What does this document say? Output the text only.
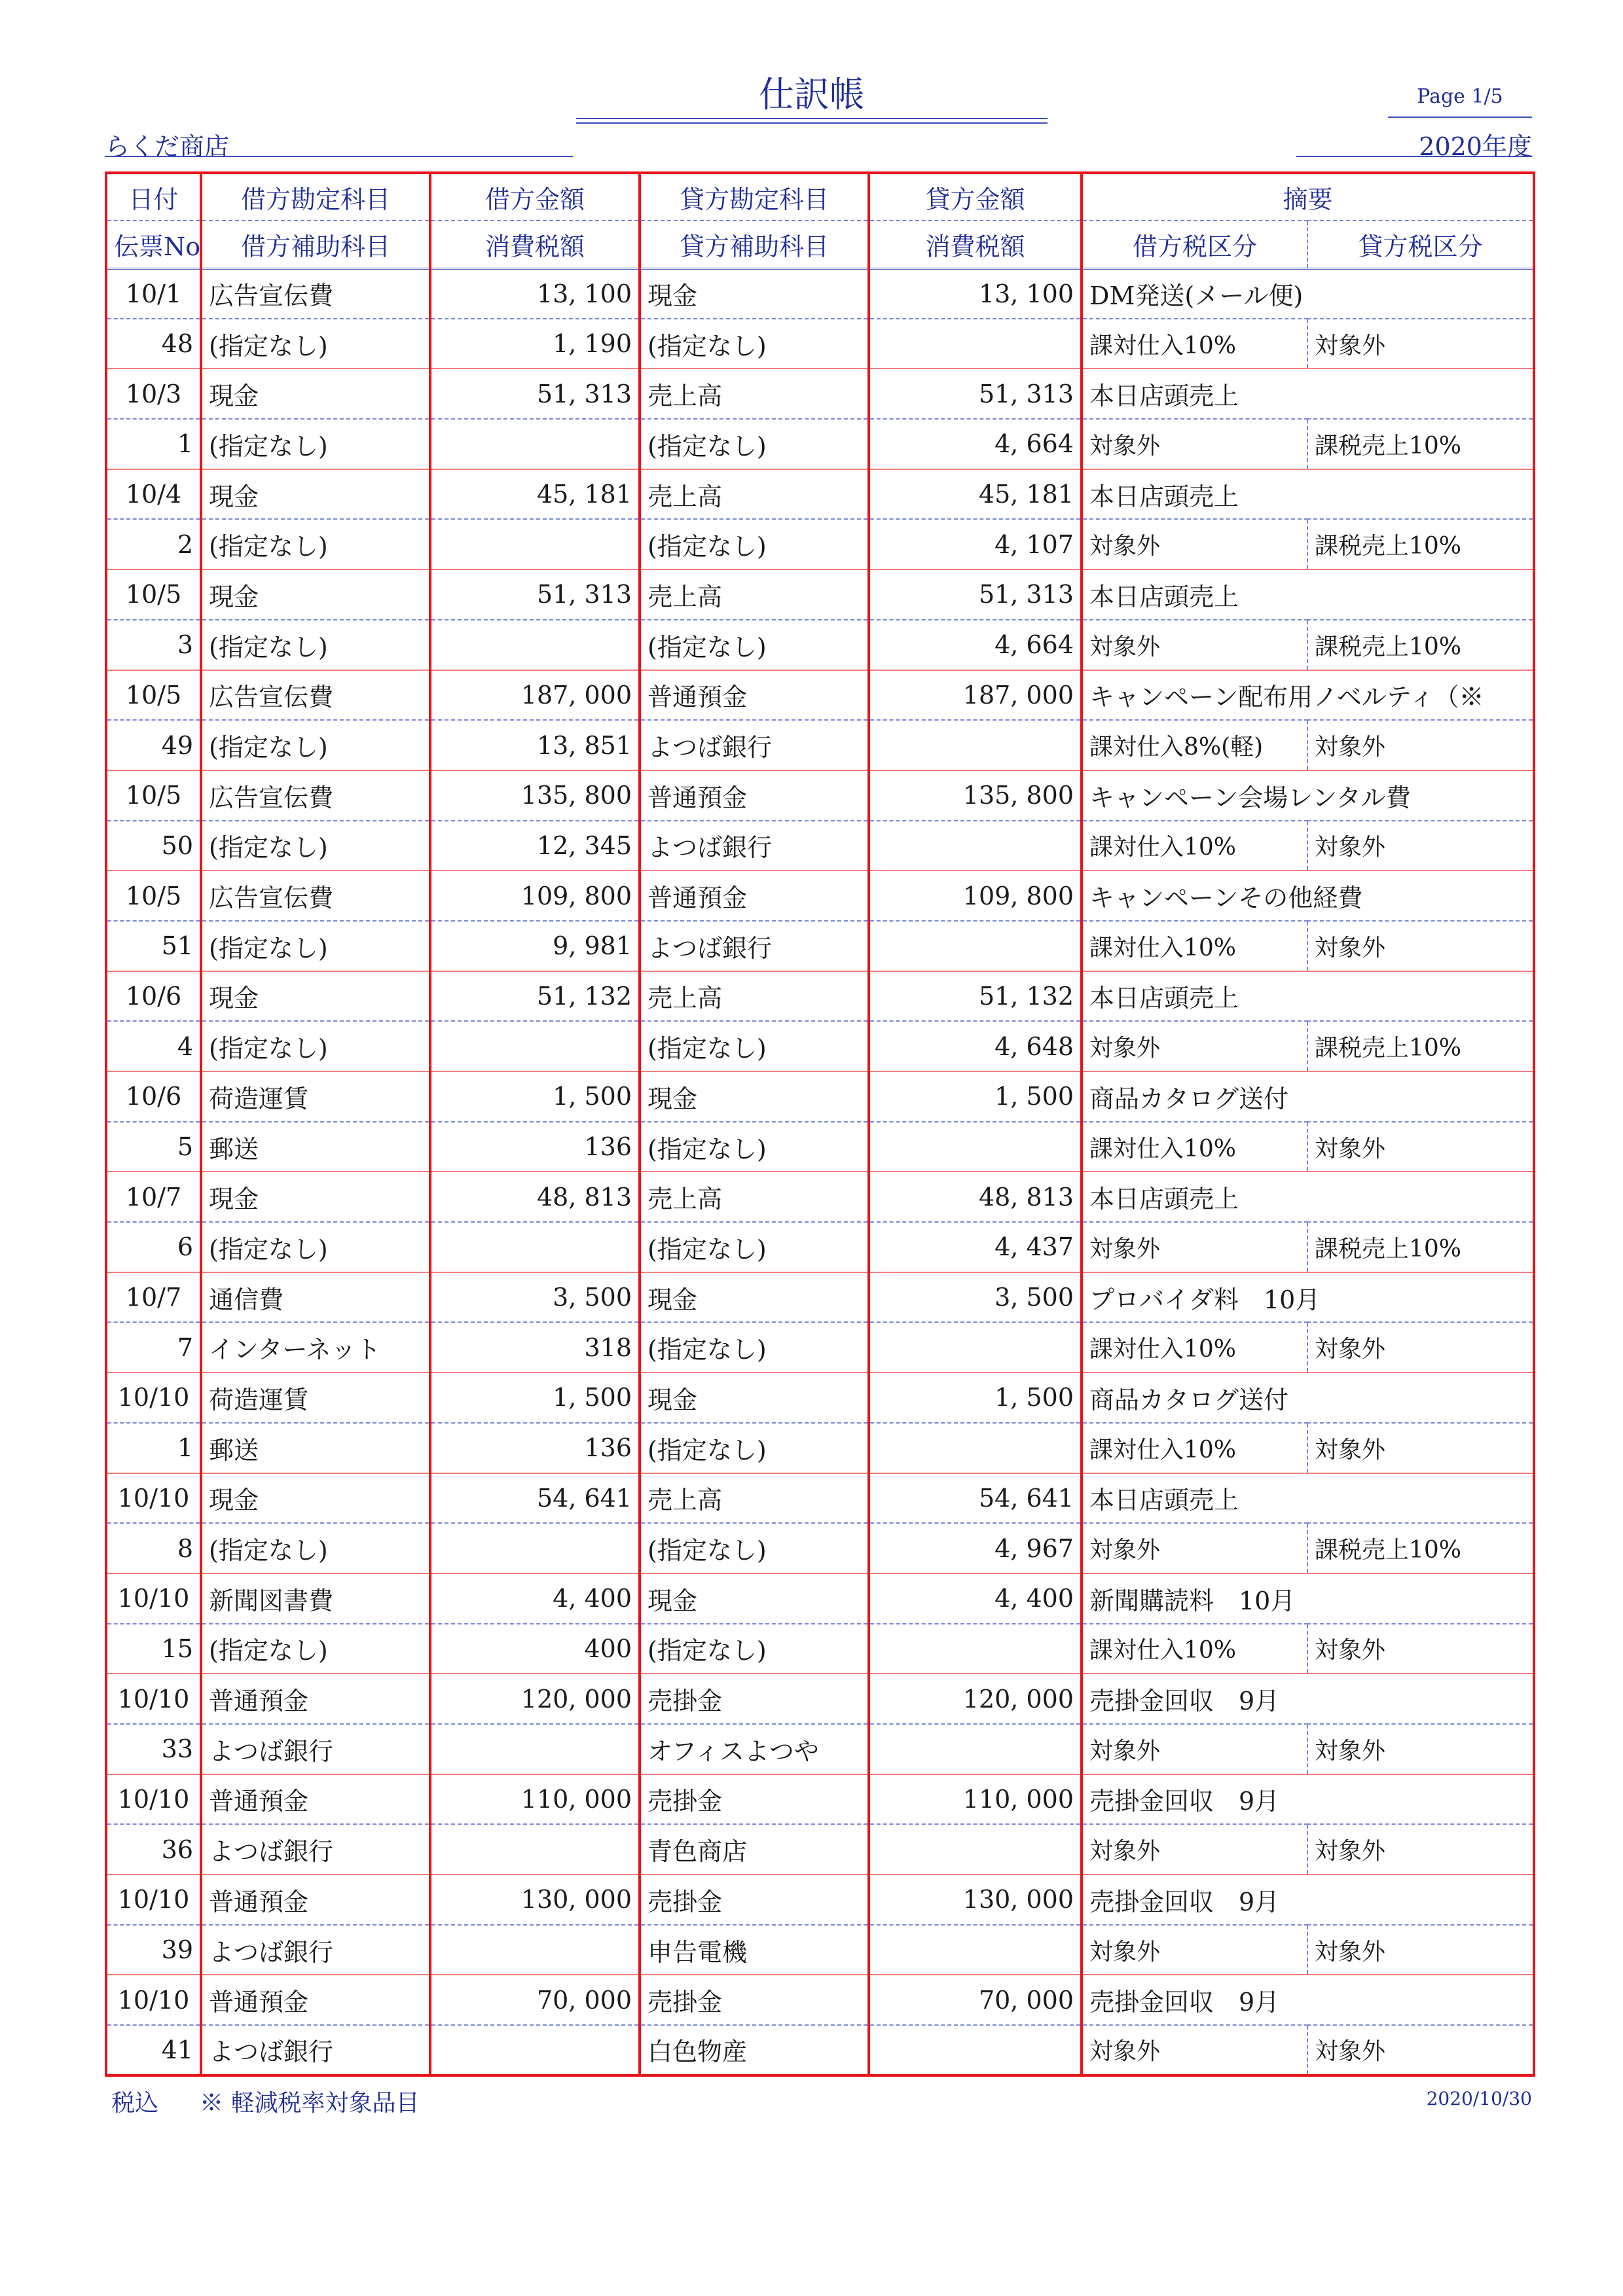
仕訳帳	Page 1/5
らくだ商店	2020年度
日付	借方勘定科目	借方金額	貸方勘定科目	貸方金額	摘要	
伝票No	借方補助科目	消費税額	貸方補助科目	消費税額	借方税区分	貸方税区分
10/1	広告宣伝費	13, 100	現金	13, 100	DM発送(メール便)	
48	(指定なし)	1, 190	(指定なし)		課対仕入10%	対象外
10/3	現金	51, 313	売上高	51, 313	本日店頭売上	
1	(指定なし)		(指定なし)	4, 664	対象外	課税売上10%
10/4	現金	45, 181	売上高	45, 181	本日店頭売上	
2	(指定なし)		(指定なし)	4, 107	対象外	課税売上10%
10/5	現金	51, 313	売上高	51, 313	本日店頭売上	
3	(指定なし)		(指定なし)	4, 664	対象外	課税売上10%
10/5	広告宣伝費	187, 000	普通預金	187, 000	キャンペーン配布用ノベルティ（※	
49	(指定なし)	13, 851	よつば銀行		課対仕入8%(軽)	対象外
10/5	広告宣伝費	135, 800	普通預金	135, 800	キャンペーン会場レンタル費	
50	(指定なし)	12, 345	よつば銀行		課対仕入10%	対象外
10/5	広告宣伝費	109, 800	普通預金	109, 800	キャンペーンその他経費	
51	(指定なし)	9, 981	よつば銀行		課対仕入10%	対象外
10/6	現金	51, 132	売上高	51, 132	本日店頭売上	
4	(指定なし)		(指定なし)	4, 648	対象外	課税売上10%
10/6	荷造運賃	1, 500	現金	1, 500	商品カタログ送付	
5	郵送	136	(指定なし)		課対仕入10%	対象外
10/7	現金	48, 813	売上高	48, 813	本日店頭売上	
6	(指定なし)		(指定なし)	4, 437	対象外	課税売上10%
10/7	通信費	3, 500	現金	3, 500	プロバイダ料　10月	
7	インターネット	318	(指定なし)		課対仕入10%	対象外
10/10	荷造運賃	1, 500	現金	1, 500	商品カタログ送付	
1	郵送	136	(指定なし)		課対仕入10%	対象外
10/10	現金	54, 641	売上高	54, 641	本日店頭売上	
8	(指定なし)		(指定なし)	4, 967	対象外	課税売上10%
10/10	新聞図書費	4, 400	現金	4, 400	新聞購読料　10月	
15	(指定なし)	400	(指定なし)		課対仕入10%	対象外
10/10	普通預金	120, 000	売掛金	120, 000	売掛金回収　9月	
33	よつば銀行		オフィスよつや		対象外	対象外
10/10	普通預金	110, 000	売掛金	110, 000	売掛金回収　9月	
36	よつば銀行		青色商店		対象外	対象外
10/10	普通預金	130, 000	売掛金	130, 000	売掛金回収　9月	
39	よつば銀行		申告電機		対象外	対象外
10/10	普通預金	70, 000	売掛金	70, 000	売掛金回収　9月	
41	よつば銀行		白色物産		対象外	対象外
税込 ※ 軽減税率対象品目	2020/10/30
